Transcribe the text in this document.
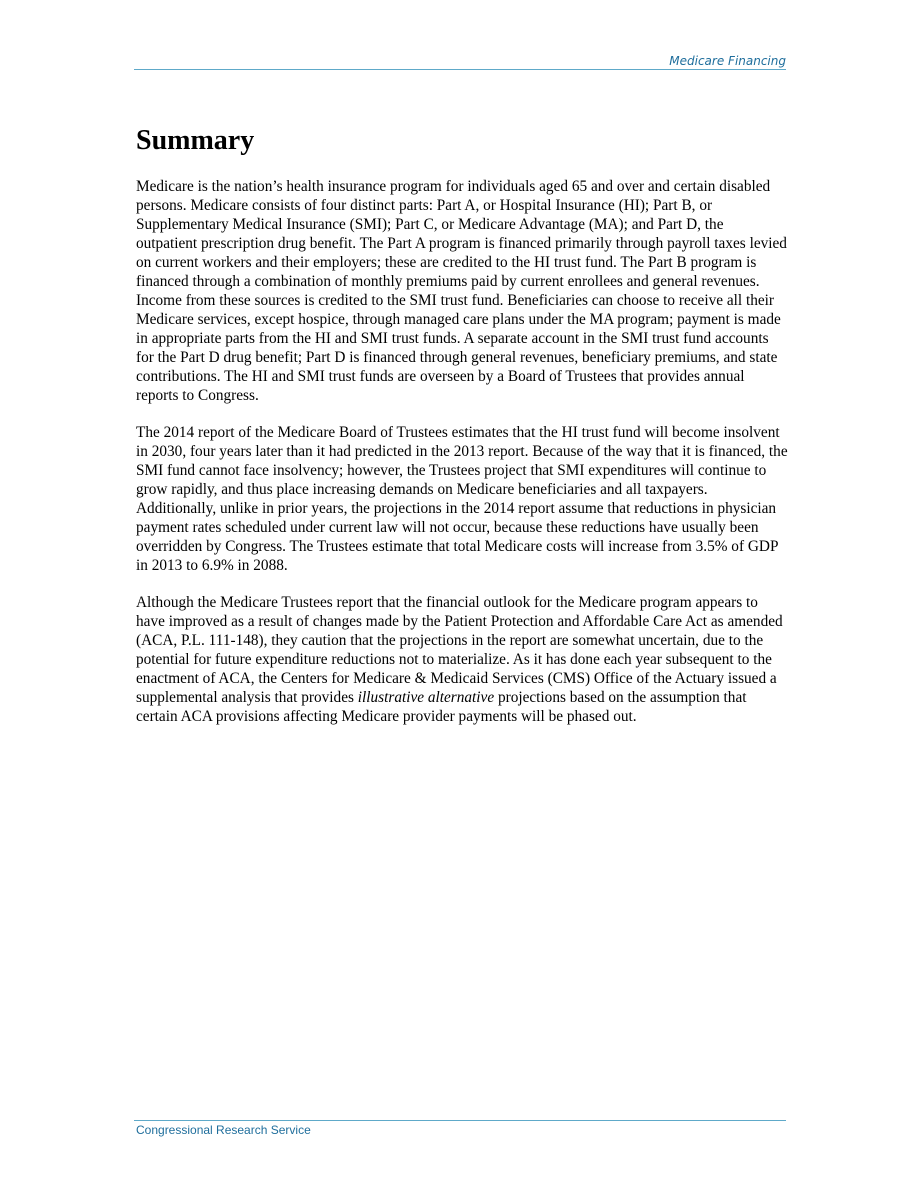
Medicare Financing
Summary

Medicare is the nation’s health insurance program for individuals aged 65 and over and certain disabled persons. Medicare consists of four distinct parts: Part A, or Hospital Insurance (HI); Part B, or Supplementary Medical Insurance (SMI); Part C, or Medicare Advantage (MA); and Part D, the outpatient prescription drug benefit. The Part A program is financed primarily through payroll taxes levied on current workers and their employers; these are credited to the HI trust fund. The Part B program is financed through a combination of monthly premiums paid by current enrollees and general revenues. Income from these sources is credited to the SMI trust fund. Beneficiaries can choose to receive all their Medicare services, except hospice, through managed care plans under the MA program; payment is made in appropriate parts from the HI and SMI trust funds. A separate account in the SMI trust fund accounts for the Part D drug benefit; Part D is financed through general revenues, beneficiary premiums, and state contributions. The HI and SMI trust funds are overseen by a Board of Trustees that provides annual reports to Congress.

The 2014 report of the Medicare Board of Trustees estimates that the HI trust fund will become insolvent in 2030, four years later than it had predicted in the 2013 report. Because of the way that it is financed, the SMI fund cannot face insolvency; however, the Trustees project that SMI expenditures will continue to grow rapidly, and thus place increasing demands on Medicare beneficiaries and all taxpayers. Additionally, unlike in prior years, the projections in the 2014 report assume that reductions in physician payment rates scheduled under current law will not occur, because these reductions have usually been overridden by Congress. The Trustees estimate that total Medicare costs will increase from 3.5% of GDP in 2013 to 6.9% in 2088.

Although the Medicare Trustees report that the financial outlook for the Medicare program appears to have improved as a result of changes made by the Patient Protection and Affordable Care Act as amended (ACA, P.L. 111-148), they caution that the projections in the report are somewhat uncertain, due to the potential for future expenditure reductions not to materialize. As it has done each year subsequent to the enactment of ACA, the Centers for Medicare & Medicaid Services (CMS) Office of the Actuary issued a supplemental analysis that provides illustrative alternative projections based on the assumption that certain ACA provisions affecting Medicare provider payments will be phased out.

Congressional Research Service
